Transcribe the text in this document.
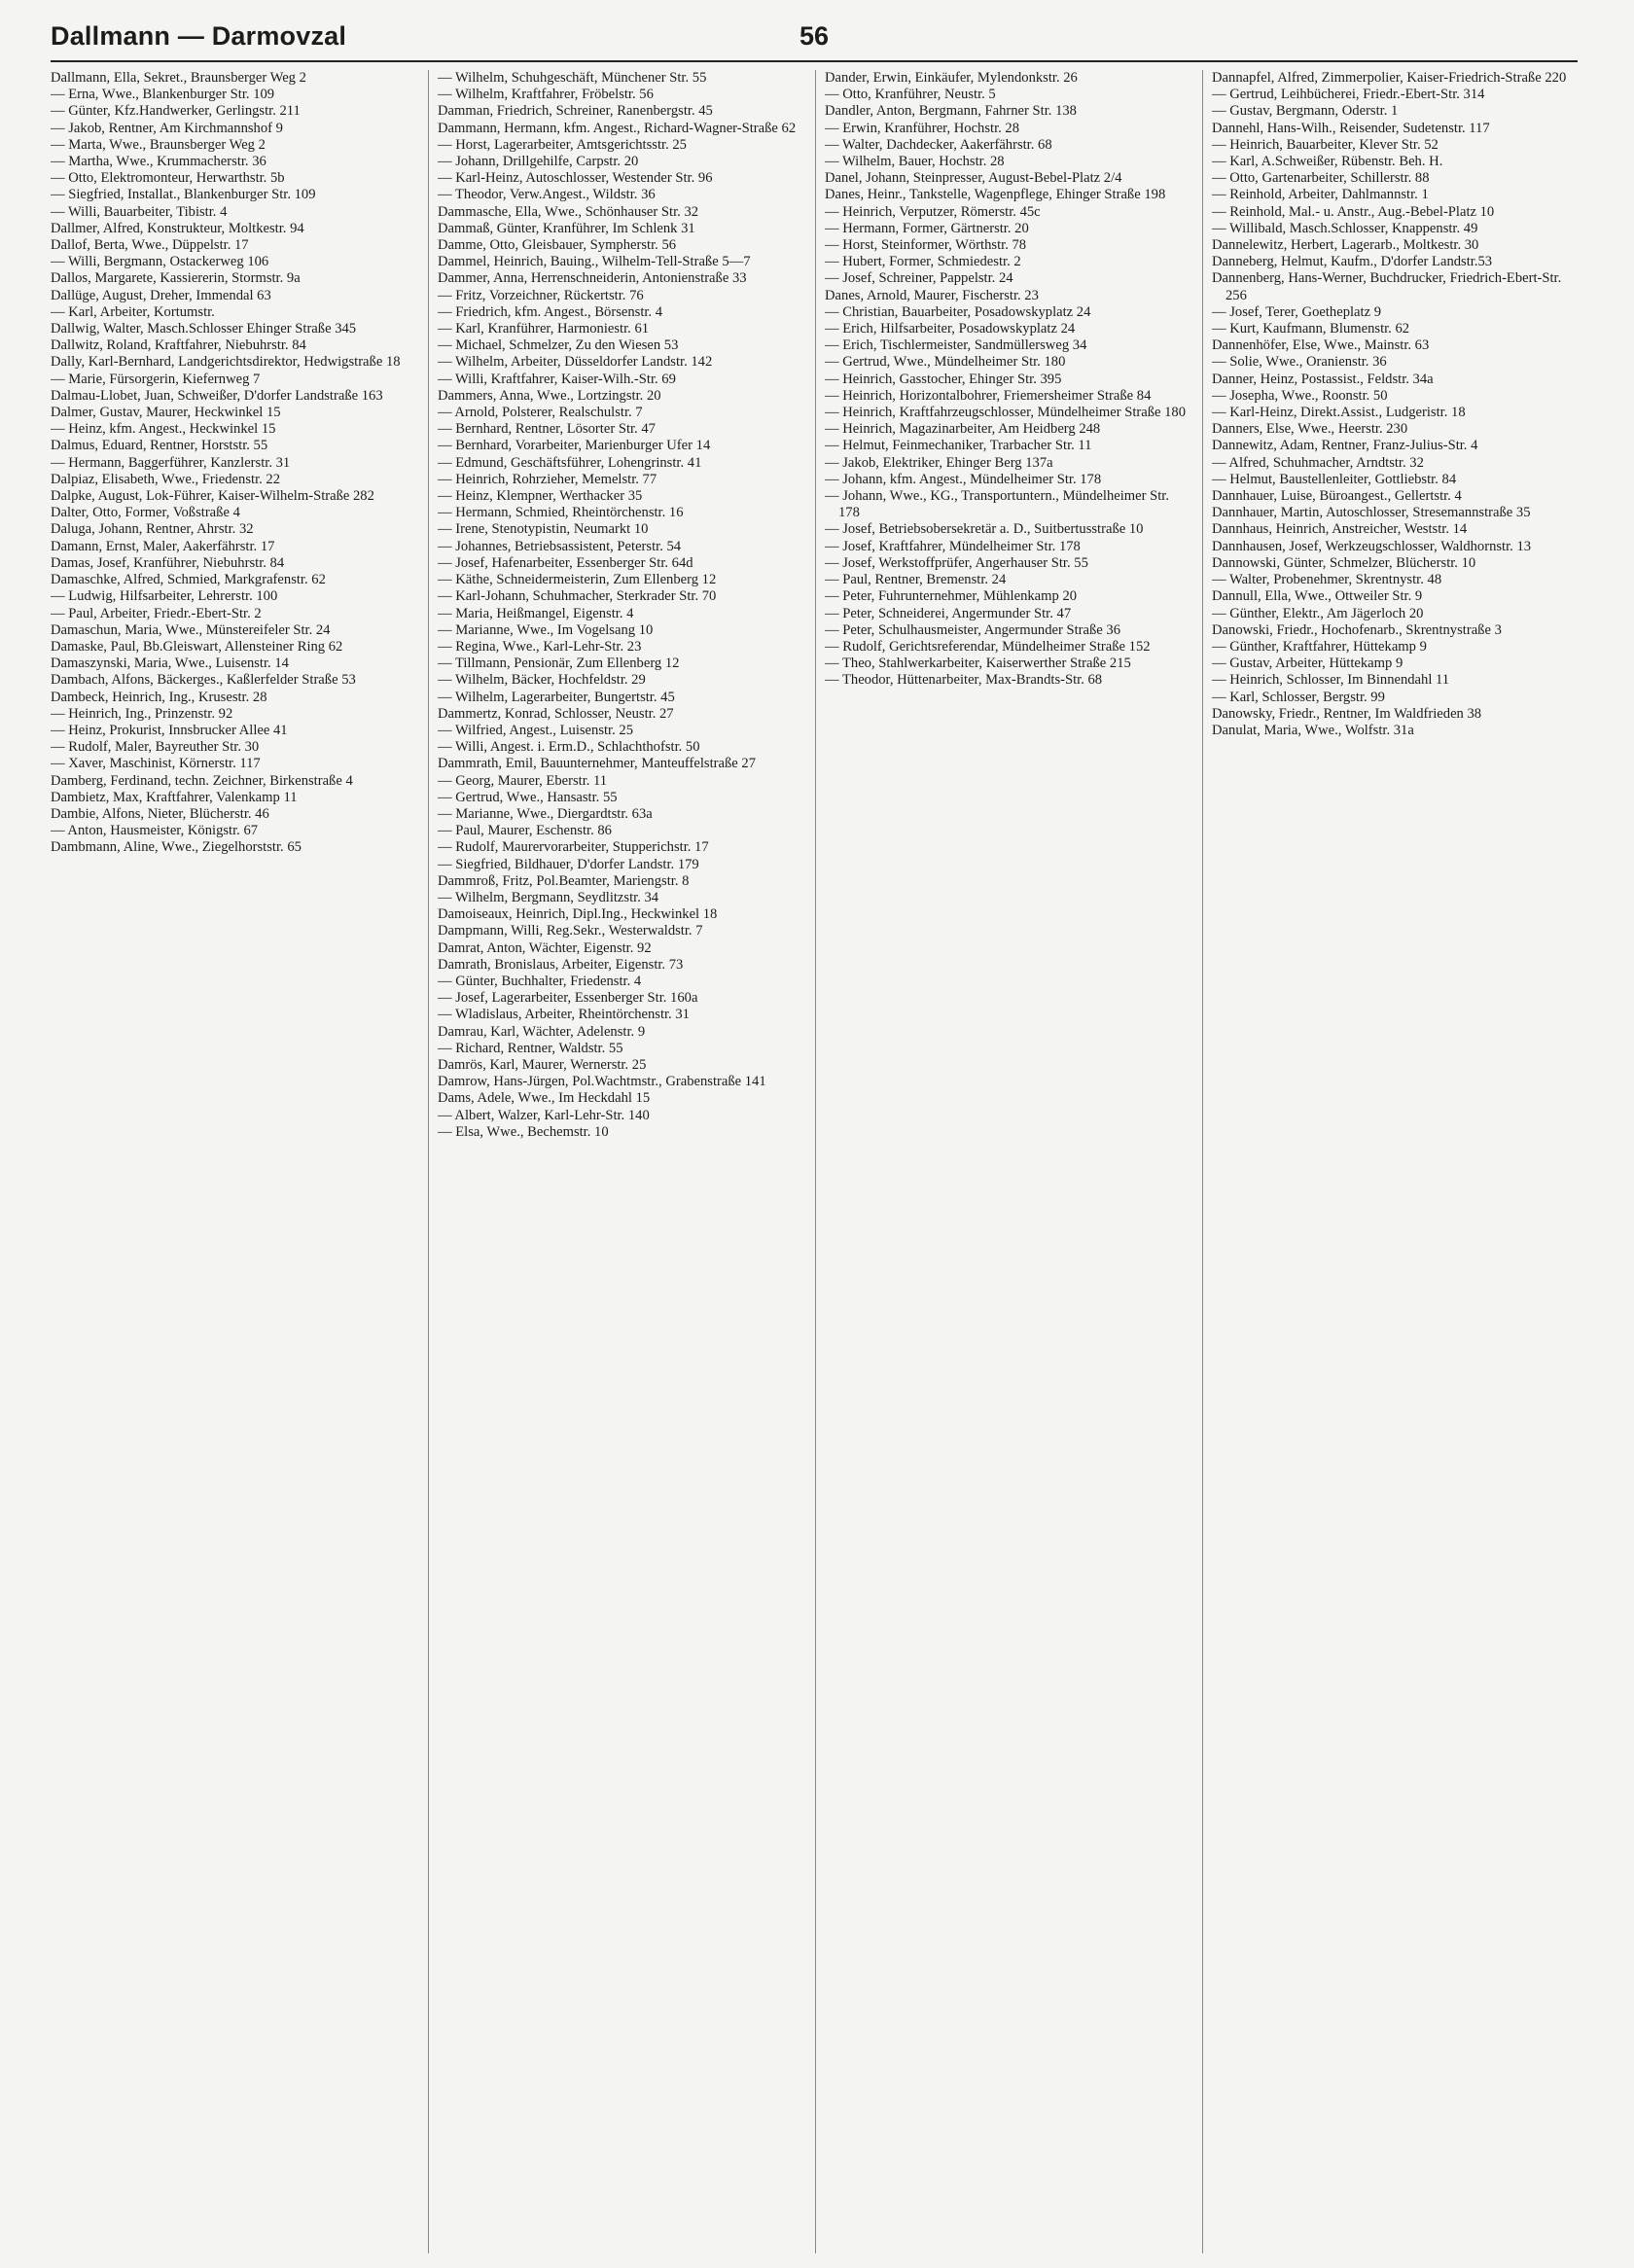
Dallmann — Darmovzal	56

Dallmann, Ella, Sekret., Braunsberger Weg 2

— Erna, Wwe., Blankenburger Str. 109

— Günter, Kfz.Handwerker, Gerlingstr. 211

— Jakob, Rentner, Am Kirchmannshof 9

— Marta, Wwe., Braunsberger Weg 2

— Martha, Wwe., Krummacherstr. 36

— Otto, Elektromonteur, Herwarthstr. 5b

— Siegfried, Installat., Blankenburger Str. 109

— Willi, Bauarbeiter, Tibistr. 4

Dallmer, Alfred, Konstrukteur, Moltkestr. 94

Dallof, Berta, Wwe., Düppelstr. 17

— Willi, Bergmann, Ostackerweg 106

Dallos, Margarete, Kassiererin, Stormstr. 9a

Dallüge, August, Dreher, Immendal 63

— Karl, Arbeiter, Kortumstr.

Dallwig, Walter, Masch.Schlosser Ehinger Straße 345

Dallwitz, Roland, Kraftfahrer, Niebuhrstr. 84

Dally, Karl-Bernhard, Landgerichtsdirektor, Hedwigstraße 18

— Marie, Fürsorgerin, Kiefernweg 7

Dalmau-Llobet, Juan, Schweißer, D'dorfer Landstraße 163

Dalmer, Gustav, Maurer, Heckwinkel 15

— Heinz, kfm. Angest., Heckwinkel 15

Dalmus, Eduard, Rentner, Horststr. 55

— Hermann, Baggerführer, Kanzlerstr. 31

Dalpiaz, Elisabeth, Wwe., Friedenstr. 22

Dalpke, August, Lok-Führer, Kaiser-Wilhelm-Straße 282

Dalter, Otto, Former, Voßstraße 4

Daluga, Johann, Rentner, Ahrstr. 32

Damann, Ernst, Maler, Aakerfährstr. 17

Damas, Josef, Kranführer, Niebuhrstr. 84

Damaschke, Alfred, Schmied, Markgrafenstr. 62

— Ludwig, Hilfsarbeiter, Lehrerstr. 100

— Paul, Arbeiter, Friedr.-Ebert-Str. 2

Damaschun, Maria, Wwe., Münstereifeler Str. 24

Damaske, Paul, Bb.Gleiswart, Allensteiner Ring 62

Damaszynski, Maria, Wwe., Luisenstr. 14

Dambach, Alfons, Bäckerges., Kaßlerfelder Straße 53

Dambeck, Heinrich, Ing., Krusestr. 28

— Heinrich, Ing., Prinzenstr. 92

— Heinz, Prokurist, Innsbrucker Allee 41

— Rudolf, Maler, Bayreuther Str. 30

— Xaver, Maschinist, Körnerstr. 117

Damberg, Ferdinand, techn. Zeichner, Birkenstraße 4

Dambietz, Max, Kraftfahrer, Valenkamp 11

Dambie, Alfons, Nieter, Blücherstr. 46

— Anton, Hausmeister, Königstr. 67

Dambmann, Aline, Wwe., Ziegelhorststr. 65

— Wilhelm, Schuhgeschäft, Münchener Str. 55

— Wilhelm, Kraftfahrer, Fröbelstr. 56

Damman, Friedrich, Schreiner, Ranenbergstr. 45

Dammann, Hermann, kfm. Angest., Richard-Wagner-Straße 62

— Horst, Lagerarbeiter, Amtsgerichtsstr. 25

— Johann, Drillgehilfe, Carpstr. 20

— Karl-Heinz, Autoschlosser, Westender Str. 96

— Theodor, Verw.Angest., Wildstr. 36

Dammasche, Ella, Wwe., Schönhauser Str. 32

Dammaß, Günter, Kranführer, Im Schlenk 31

Damme, Otto, Gleisbauer, Sympherstr. 56

Dammel, Heinrich, Bauing., Wilhelm-Tell-Straße 5—7

Dammer, Anna, Herrenschneiderin, Antonienstraße 33

— Fritz, Vorzeichner, Rückertstr. 76

— Friedrich, kfm. Angest., Börsenstr. 4

— Karl, Kranführer, Harmoniestr. 61

— Michael, Schmelzer, Zu den Wiesen 53

— Wilhelm, Arbeiter, Düsseldorfer Landstr. 142

— Willi, Kraftfahrer, Kaiser-Wilh.-Str. 69

Dammers, Anna, Wwe., Lortzingstr. 20

— Arnold, Polsterer, Realschulstr. 7

— Bernhard, Rentner, Lösorter Str. 47

— Bernhard, Vorarbeiter, Marienburger Ufer 14

— Edmund, Geschäftsführer, Lohengrinstr. 41

— Heinrich, Rohrzieher, Memelstr. 77

— Heinz, Klempner, Werthacker 35

— Hermann, Schmied, Rheintörchenstr. 16

— Irene, Stenotypistin, Neumarkt 10

— Johannes, Betriebsassistent, Peterstr. 54

— Josef, Hafenarbeiter, Essenberger Str. 64d

— Käthe, Schneidermeisterin, Zum Ellenberg 12

— Karl-Johann, Schuhmacher, Sterkrader Str. 70

— Maria, Heißmangel, Eigenstr. 4

— Marianne, Wwe., Im Vogelsang 10

— Regina, Wwe., Karl-Lehr-Str. 23

— Tillmann, Pensionär, Zum Ellenberg 12

— Wilhelm, Bäcker, Hochfeldstr. 29

— Wilhelm, Lagerarbeiter, Bungertstr. 45

Dammertz, Konrad, Schlosser, Neustr. 27

— Wilfried, Angest., Luisenstr. 25

— Willi, Angest. i. Erm.D., Schlachthofstr. 50

Dammrath, Emil, Bauunternehmer, Manteuffelstraße 27

— Georg, Maurer, Eberstr. 11

— Gertrud, Wwe., Hansastr. 55

— Marianne, Wwe., Diergardtstr. 63a

— Paul, Maurer, Eschenstr. 86

— Rudolf, Maurervorarbeiter, Stupperichstr. 17

— Siegfried, Bildhauer, D'dorfer Landstr. 179

Dammroß, Fritz, Pol.Beamter, Mariengstr. 8

— Wilhelm, Bergmann, Seydlitzstr. 34

Damoiseaux, Heinrich, Dipl.Ing., Heckwinkel 18

Dampmann, Willi, Reg.Sekr., Westerwaldstr. 7

Damrat, Anton, Wächter, Eigenstr. 92

Damrath, Bronislaus, Arbeiter, Eigenstr. 73

— Günter, Buchhalter, Friedenstr. 4

— Josef, Lagerarbeiter, Essenberger Str. 160a

— Wladislaus, Arbeiter, Rheintörchenstr. 31

Damrau, Karl, Wächter, Adelenstr. 9

— Richard, Rentner, Waldstr. 55

Damrös, Karl, Maurer, Wernerstr. 25

Damrow, Hans-Jürgen, Pol.Wachtmstr., Grabenstraße 141

Dams, Adele, Wwe., Im Heckdahl 15

— Albert, Walzer, Karl-Lehr-Str. 140

— Elsa, Wwe., Bechemstr. 10

Dander, Erwin, Einkäufer, Mylendonkstr. 26

— Otto, Kranführer, Neustr. 5

Dandler, Anton, Bergmann, Fahrner Str. 138

— Erwin, Kranführer, Hochstr. 28

— Walter, Dachdecker, Aakerfährstr. 68

— Wilhelm, Bauer, Hochstr. 28

Danel, Johann, Steinpresser, August-Bebel-Platz 2/4

Danes, Heinr., Tankstelle, Wagenpflege, Ehinger Straße 198

— Heinrich, Verputzer, Römerstr. 45c

— Hermann, Former, Gärtnerstr. 20

— Horst, Steinformer, Wörthstr. 78

— Hubert, Former, Schmiedestr. 2

— Josef, Schreiner, Pappelstr. 24

Danes, Arnold, Maurer, Fischerstr. 23

— Christian, Bauarbeiter, Posadowskyplatz 24

— Erich, Hilfsarbeiter, Posadowskyplatz 24

— Erich, Tischlermeister, Sandmüllersweg 34

— Gertrud, Wwe., Mündelheimer Str. 180

— Heinrich, Gasstocher, Ehinger Str. 395

— Heinrich, Horizontalbohrer, Friemersheimer Straße 84

— Heinrich, Kraftfahrzeugschlosser, Mündelheimer Straße 180

— Heinrich, Magazinarbeiter, Am Heidberg 248

— Helmut, Feinmechaniker, Trarbacher Str. 11

— Jakob, Elektriker, Ehinger Berg 137a

— Johann, kfm. Angest., Mündelheimer Str. 178

— Johann, Wwe., KG., Transportuntern., Mündelheimer Str. 178

— Josef, Betriebsobersekretär a. D., Suitbertusstraße 10

— Josef, Kraftfahrer, Mündelheimer Str. 178

— Josef, Werkstoffprüfer, Angerhauser Str. 55

— Paul, Rentner, Bremenstr. 24

— Peter, Fuhrunternehmer, Mühlenkamp 20

— Peter, Schneiderei, Angermunder Str. 47

— Peter, Schulhausmeister, Angermunder Straße 36

— Rudolf, Gerichtsreferendar, Mündelheimer Straße 152

— Theo, Stahlwerkarbeiter, Kaiserwerther Straße 215

— Theodor, Hüttenarbeiter, Max-Brandts-Str. 68

Dannapfel, Alfred, Zimmerpolier, Kaiser-Friedrich-Straße 220

— Gertrud, Leihbücherei, Friedr.-Ebert-Str. 314

— Gustav, Bergmann, Oderstr. 1

Dannehl, Hans-Wilh., Reisender, Sudetenstr. 117

— Heinrich, Bauarbeiter, Klever Str. 52

— Karl, A.Schweißer, Rübenstr. Beh. H.

— Otto, Gartenarbeiter, Schillerstr. 88

— Reinhold, Arbeiter, Dahlmannstr. 1

— Reinhold, Mal.- u. Anstr., Aug.-Bebel-Platz 10

— Willibald, Masch.Schlosser, Knappenstr. 49

Dannelewitz, Herbert, Lagerarb., Moltkestr. 30

Danneberg, Helmut, Kaufm., D'dorfer Landstr.53

Dannenberg, Hans-Werner, Buchdrucker, Friedrich-Ebert-Str. 256

— Josef, Terer, Goetheplatz 9

— Kurt, Kaufmann, Blumenstr. 62

Dannenhöfer, Else, Wwe., Mainstr. 63

— Solie, Wwe., Oranienstr. 36

Danner, Heinz, Postassist., Feldstr. 34a

— Josepha, Wwe., Roonstr. 50

— Karl-Heinz, Direkt.Assist., Ludgeristr. 18

Danners, Else, Wwe., Heerstr. 230

Dannewitz, Adam, Rentner, Franz-Julius-Str. 4

— Alfred, Schuhmacher, Arndtstr. 32

— Helmut, Baustellenleiter, Gottliebstr. 84

Dannhauer, Luise, Büroangest., Gellertstr. 4

Dannhauer, Martin, Autoschlosser, Stresemannstraße 35

Dannhaus, Heinrich, Anstreicher, Weststr. 14

Dannhausen, Josef, Werkzeugschlosser, Waldhornstr. 13

Dannowski, Günter, Schmelzer, Blücherstr. 10

— Walter, Probenehmer, Skrentnystr. 48

Dannull, Ella, Wwe., Ottweiler Str. 9

— Günther, Elektr., Am Jägerloch 20

Danowski, Friedr., Hochofenarb., Skrentnystraße 3

— Günther, Kraftfahrer, Hüttekamp 9

— Gustav, Arbeiter, Hüttekamp 9

— Heinrich, Schlosser, Im Binnendahl 11

— Karl, Schlosser, Bergstr. 99

Danowsky, Friedr., Rentner, Im Waldfrieden 38

Danulat, Maria, Wwe., Wolfstr. 31a
